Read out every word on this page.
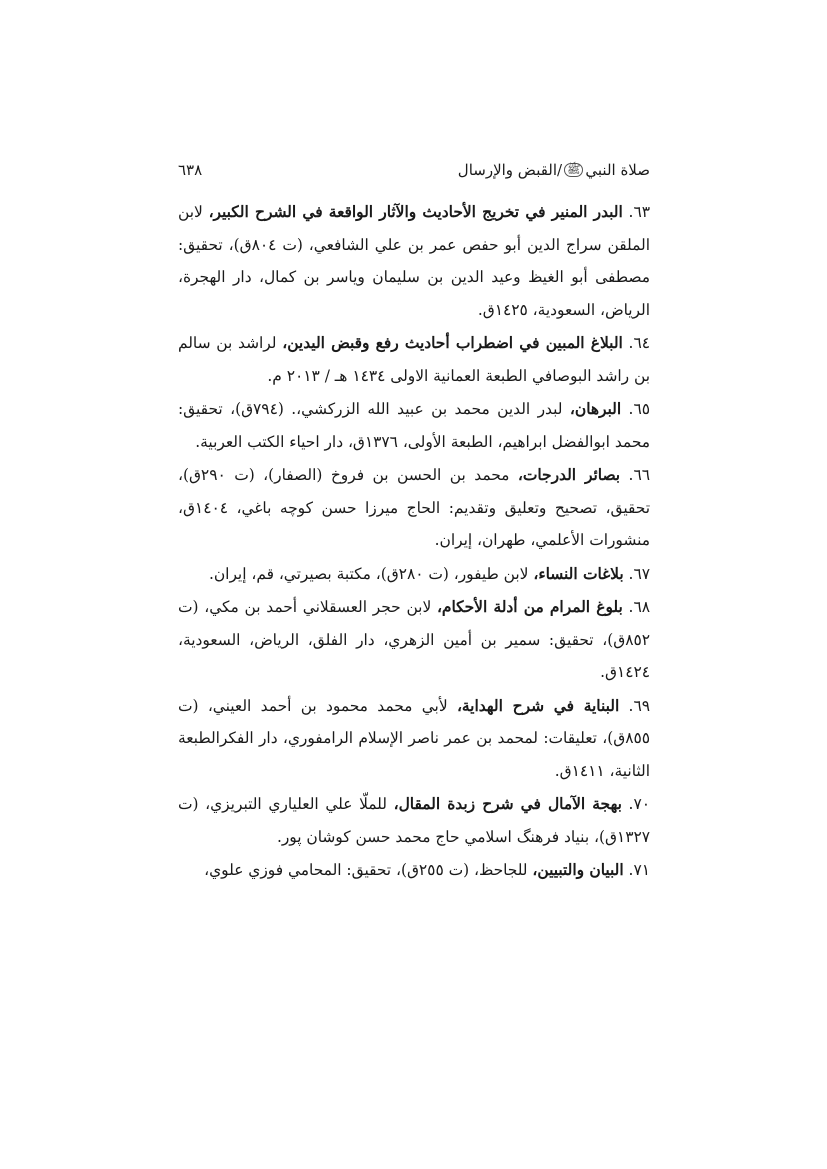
صلاة النبي
ﷺ
/القبض والإرسال
٦٣٨

٦٣. البدر المنير في تخريج الأحاديث والآثار الواقعة في الشرح الكبير، لابن الملقن سراج الدين أبو حفص عمر بن علي الشافعي، (ت ٨٠٤ق)، تحقيق: مصطفى أبو الغيظ وعيد الدين بن سليمان وياسر بن كمال، دار الهجرة، الرياض، السعودية، ١٤٢٥ق.

٦٤. البلاغ المبين في اضطراب أحاديث رفع وقبض اليدين، لراشد بن سالم بن راشد البوصافي الطبعة العمانية الاولى ١٤٣٤ هـ / ٢٠١٣ م.

٦٥. البرهان، لبدر الدين محمد بن عبيد الله الزركشي،. (٧٩٤ق)، تحقيق: محمد ابوالفضل ابراهيم، الطبعة الأولى، ١٣٧٦ق، دار احياء الكتب العربية.

٦٦. بصائر الدرجات، محمد بن الحسن بن فروخ (الصفار)، (ت ٢٩٠ق)، تحقيق، تصحيح وتعليق وتقديم: الحاج ميرزا حسن كوچه باغي، ١٤٠٤ق، منشورات الأعلمي، طهران، إيران.

٦٧. بلاغات النساء، لابن طيفور، (ت ٢٨٠ق)، مكتبة بصيرتي، قم، إيران.

٦٨. بلوغ المرام من أدلة الأحكام، لابن حجر العسقلاني أحمد بن مكي، (ت ٨٥٢ق)، تحقيق: سمير بن أمين الزهري، دار الفلق، الرياض، السعودية، ١٤٢٤ق.

٦٩. البناية في شرح الهداية، لأبي محمد محمود بن أحمد العيني، (ت ٨٥٥ق)، تعليقات: لمحمد بن عمر ناصر الإسلام الرامفوري، دار الفكرالطبعة الثانية، ١٤١١ق.

٧٠. بهجة الآمال في شرح زبدة المقال، للملّا علي العلياري التبريزي، (ت ١٣٢٧ق)، بنياد فرهنگ اسلامي حاج محمد حسن كوشان پور.

٧١. البيان والتبيين، للجاحظ، (ت ٢٥٥ق)، تحقيق: المحامي فوزي علوي،
